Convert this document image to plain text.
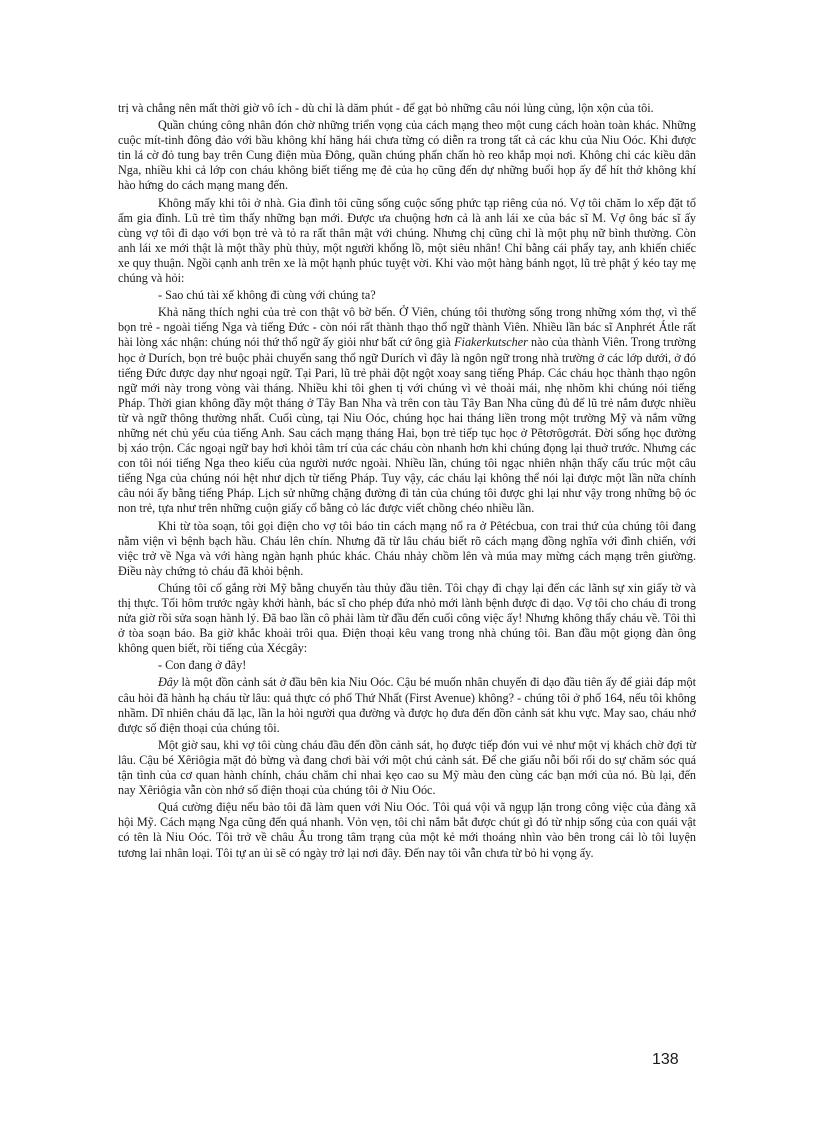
trị và chẳng nên mất thời giờ vô ích - dù chỉ là dăm phút - để gạt bỏ những câu nói lủng củng, lộn xộn của tôi.

Quần chúng công nhân đón chờ những triển vọng của cách mạng theo một cung cách hoàn toàn khác. Những cuộc mít-tinh đông đảo với bầu không khí hăng hái chưa từng có diễn ra trong tất cả các khu của Niu Oóc. Khi được tin lá cờ đỏ tung bay trên Cung điện mùa Đông, quần chúng phấn chấn hò reo khắp mọi nơi. Không chỉ các kiều dân Nga, nhiều khi cả lớp con cháu không biết tiếng mẹ đẻ của họ cũng đến dự những buổi họp ấy để hít thở không khí hào hứng do cách mạng mang đến.

Không mấy khi tôi ở nhà. Gia đình tôi cũng sống cuộc sống phức tạp riêng của nó. Vợ tôi chăm lo xếp đặt tổ ấm gia đình. Lũ trẻ tìm thấy những bạn mới. Được ưa chuộng hơn cả là anh lái xe của bác sĩ M. Vợ ông bác sĩ ấy cùng vợ tôi đi dạo với bọn trẻ và tỏ ra rất thân mật với chúng. Nhưng chị cũng chỉ là một phụ nữ bình thường. Còn anh lái xe mới thật là một thầy phù thủy, một người khổng lồ, một siêu nhân! Chỉ bằng cái phẩy tay, anh khiến chiếc xe quy thuận. Ngồi cạnh anh trên xe là một hạnh phúc tuyệt vời. Khi vào một hàng bánh ngọt, lũ trẻ phật ý kéo tay mẹ chúng và hỏi:

- Sao chú tài xế không đi cùng với chúng ta?

Khả năng thích nghi của trẻ con thật vô bờ bến. Ở Viên, chúng tôi thường sống trong những xóm thợ, vì thế bọn trẻ - ngoài tiếng Nga và tiếng Đức - còn nói rất thành thạo thổ ngữ thành Viên. Nhiều lần bác sĩ Anphrét Átle rất hài lòng xác nhận: chúng nói thứ thổ ngữ ấy giỏi như bất cứ ông già Fiakerkutscher nào của thành Viên. Trong trường học ở Durích, bọn trẻ buộc phải chuyển sang thổ ngữ Durích vì đây là ngôn ngữ trong nhà trường ở các lớp dưới, ở đó tiếng Đức được dạy như ngoại ngữ. Tại Pari, lũ trẻ phải đột ngột xoay sang tiếng Pháp. Các cháu học thành thạo ngôn ngữ mới này trong vòng vài tháng. Nhiều khi tôi ghen tị với chúng vì vẻ thoải mái, nhẹ nhõm khi chúng nói tiếng Pháp. Thời gian không đầy một tháng ở Tây Ban Nha và trên con tàu Tây Ban Nha cũng đủ để lũ trẻ nắm được nhiều từ và ngữ thông thường nhất. Cuối cùng, tại Niu Oóc, chúng học hai tháng liền trong một trường Mỹ và nắm vững những nét chủ yếu của tiếng Anh. Sau cách mạng tháng Hai, bọn trẻ tiếp tục học ở Pêtơrôgơrát. Đời sống học đường bị xáo trộn. Các ngoại ngữ bay hơi khỏi tâm trí của các cháu còn nhanh hơn khi chúng đọng lại thuở trước. Nhưng các con tôi nói tiếng Nga theo kiểu của người nước ngoài. Nhiều lần, chúng tôi ngạc nhiên nhận thấy cấu trúc một câu tiếng Nga của chúng nói hệt như dịch từ tiếng Pháp. Tuy vậy, các cháu lại không thể nói lại được một lần nữa chính câu nói ấy bằng tiếng Pháp. Lịch sử những chặng đường đi tản của chúng tôi được ghi lại như vậy trong những bộ óc non trẻ, tựa như trên những cuộn giấy cổ bằng cỏ lác được viết chồng chéo nhiều lần.

Khi từ tòa soạn, tôi gọi điện cho vợ tôi báo tin cách mạng nổ ra ở Pêtécbua, con trai thứ của chúng tôi đang nằm viện vì bệnh bạch hầu. Cháu lên chín. Nhưng đã từ lâu cháu biết rõ cách mạng đồng nghĩa với đình chiến, với việc trở về Nga và với hàng ngàn hạnh phúc khác. Cháu nhảy chồm lên và múa may mừng cách mạng trên giường. Điều này chứng tỏ cháu đã khỏi bệnh.

Chúng tôi cố gắng rời Mỹ bằng chuyến tàu thủy đầu tiên. Tôi chạy đi chạy lại đến các lãnh sự xin giấy tờ và thị thực. Tối hôm trước ngày khởi hành, bác sĩ cho phép đứa nhỏ mới lành bệnh được đi dạo. Vợ tôi cho cháu đi trong nửa giờ rồi sửa soạn hành lý. Đã bao lần cô phải làm từ đầu đến cuối công việc ấy! Nhưng không thấy cháu về. Tôi thì ở tòa soạn báo. Ba giờ khắc khoải trôi qua. Điện thoại kêu vang trong nhà chúng tôi. Ban đầu một giọng đàn ông không quen biết, rồi tiếng của Xécgây:

- Con đang ở đây!

Đây là một đồn cảnh sát ở đầu bên kia Niu Oóc. Cậu bé muốn nhân chuyến đi dạo đầu tiên ấy để giải đáp một câu hỏi đã hành hạ cháu từ lâu: quả thực có phố Thứ Nhất (First Avenue) không? - chúng tôi ở phố 164, nếu tôi không nhầm. Dĩ nhiên cháu đã lạc, lần la hỏi người qua đường và được họ đưa đến đồn cảnh sát khu vực. May sao, cháu nhớ được số điện thoại của chúng tôi.

Một giờ sau, khi vợ tôi cùng cháu đầu đến đồn cảnh sát, họ được tiếp đón vui vẻ như một vị khách chờ đợi từ lâu. Cậu bé Xêriôgia mặt đỏ bừng và đang chơi bài với một chú cảnh sát. Để che giấu nỗi bối rối do sự chăm sóc quá tận tình của cơ quan hành chính, cháu chăm chỉ nhai kẹo cao su Mỹ màu đen cùng các bạn mới của nó. Bù lại, đến nay Xêriôgia vẫn còn nhớ số điện thoại của chúng tôi ở Niu Oóc.

Quá cường điệu nếu bảo tôi đã làm quen với Niu Oóc. Tôi quá vội vã ngụp lặn trong công việc của đảng xã hội Mỹ. Cách mạng Nga cũng đến quá nhanh. Vỏn vẹn, tôi chỉ nắm bắt được chút gì đó từ nhịp sống của con quái vật có tên là Niu Oóc. Tôi trở về châu Âu trong tâm trạng của một kẻ mới thoáng nhìn vào bên trong cái lò tôi luyện tương lai nhân loại. Tôi tự an ủi sẽ có ngày trở lại nơi đây. Đến nay tôi vẫn chưa từ bỏ hi vọng ấy.

138
